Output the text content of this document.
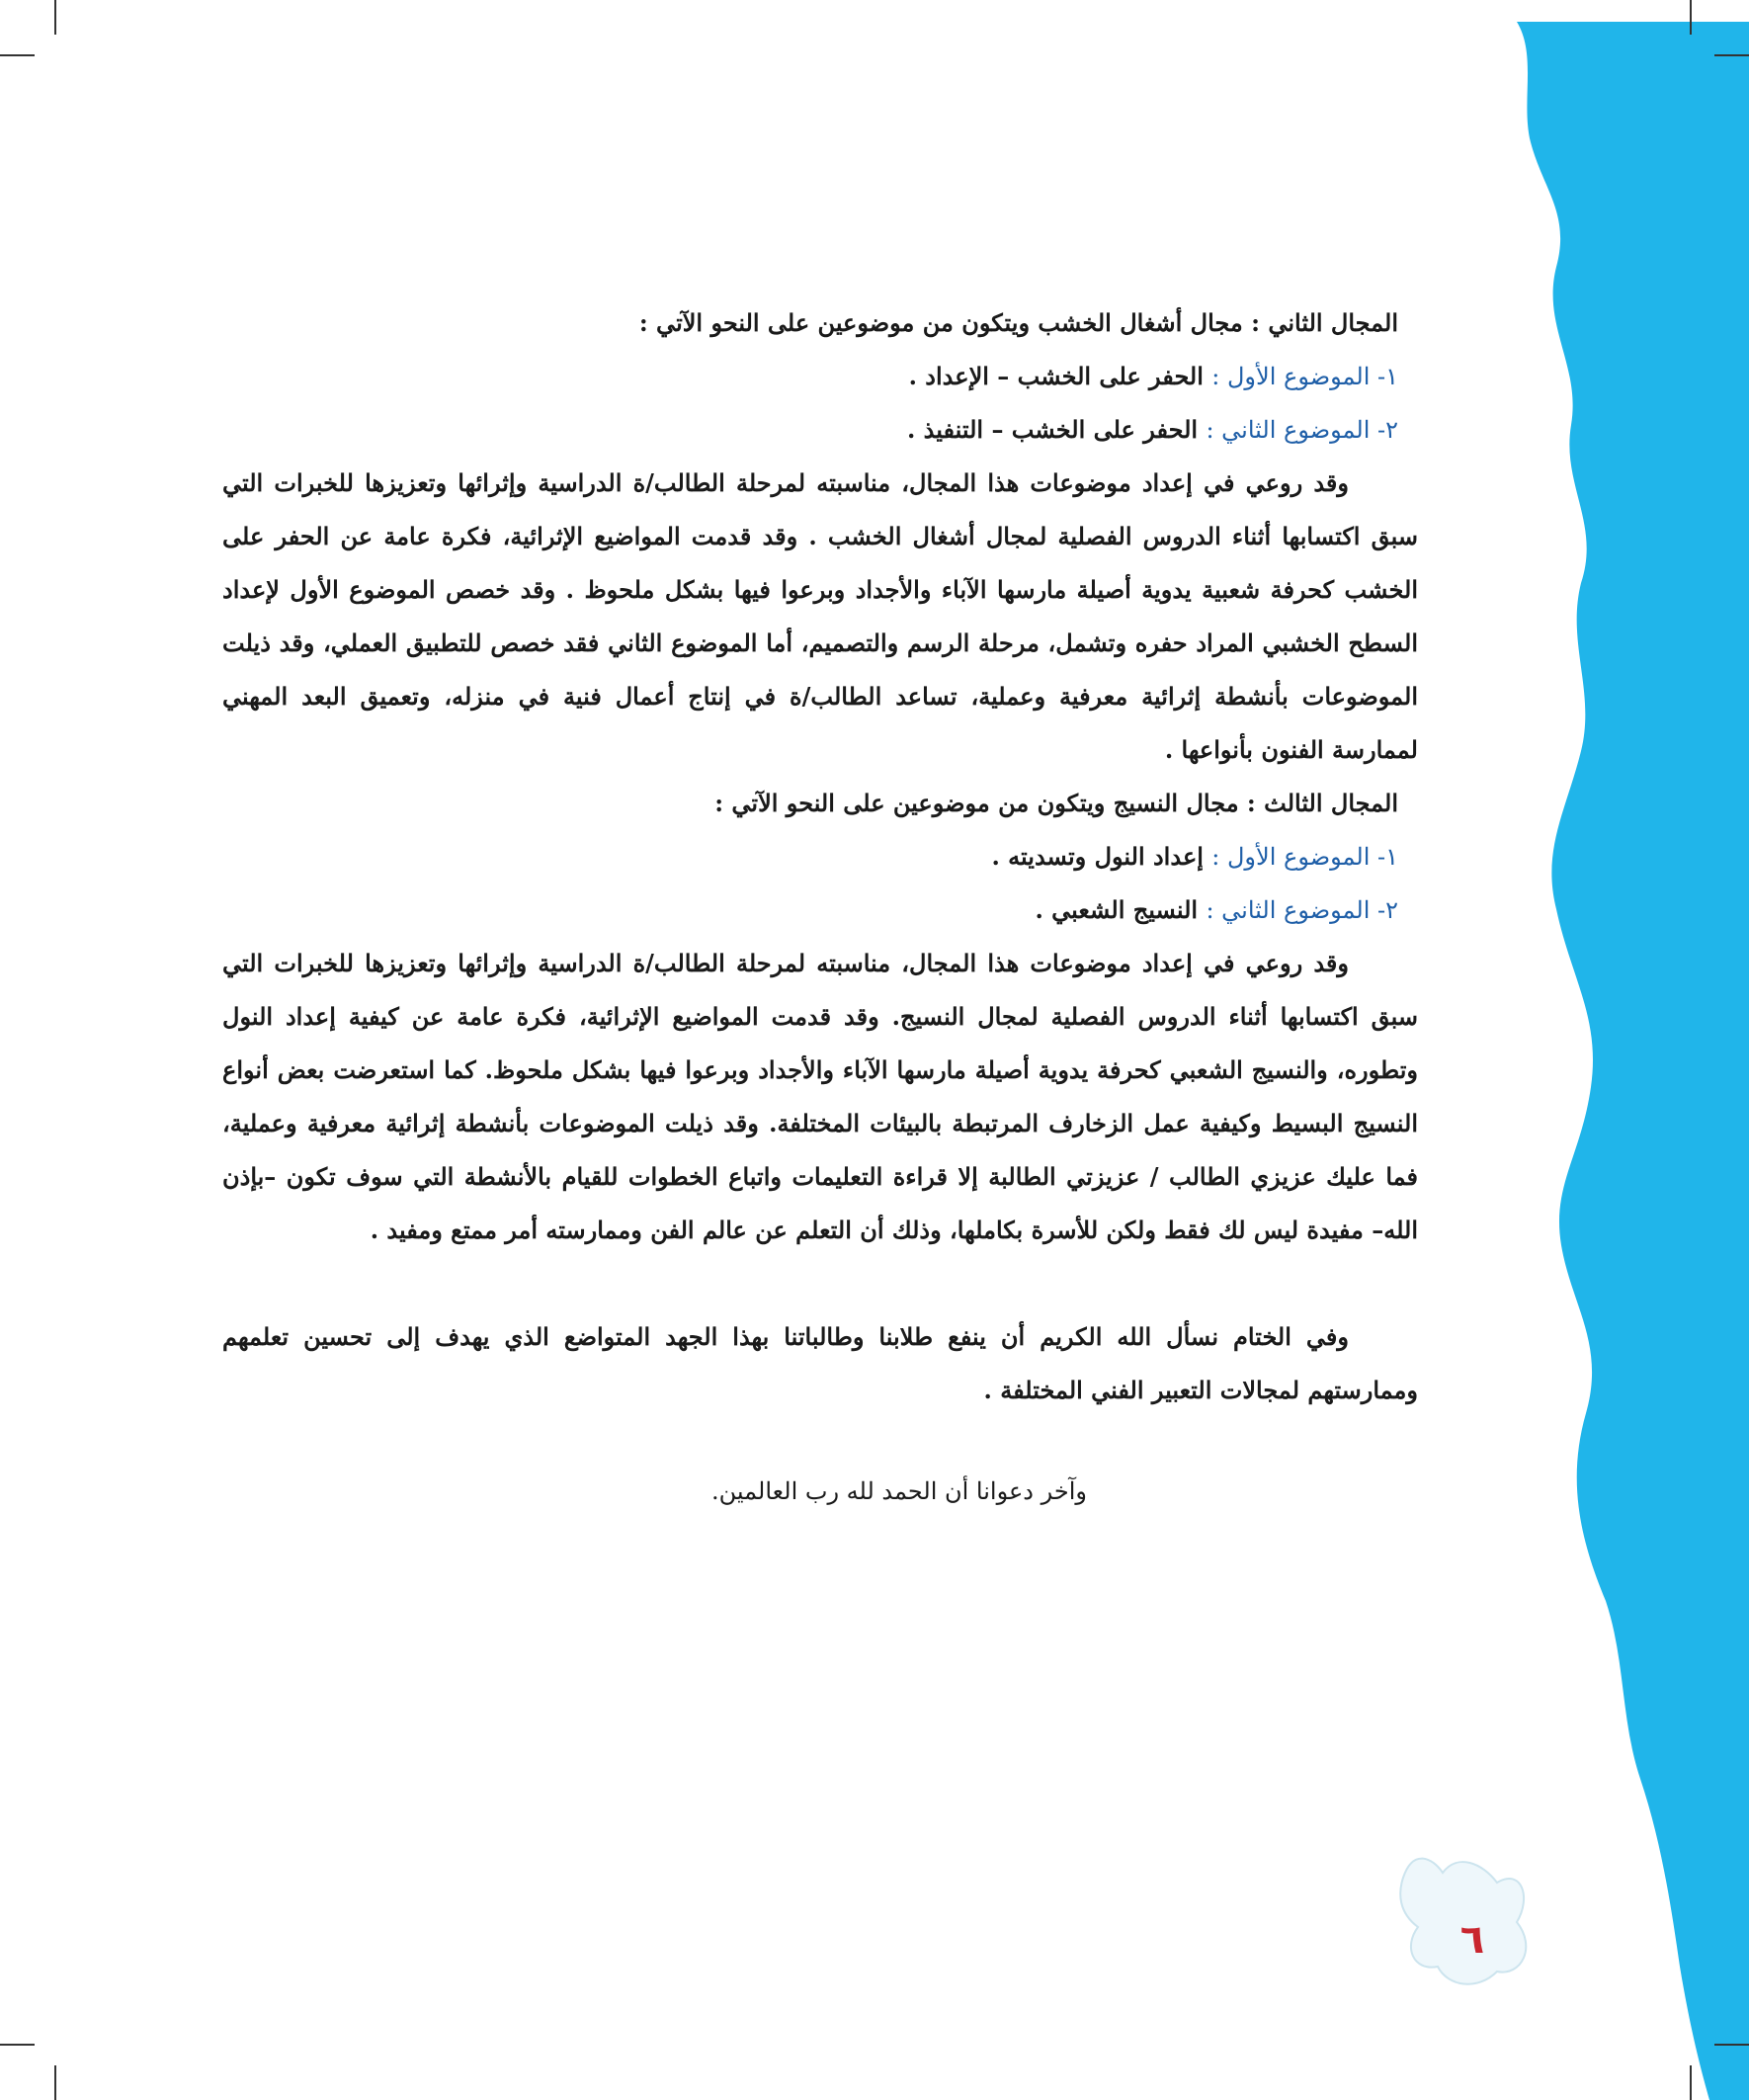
المجال الثاني : مجال أشغال الخشب ويتكون من موضوعين على النحو الآتي :

١- الموضوع الأول : الحفر على الخشب – الإعداد .

٢- الموضوع الثاني : الحفر على الخشب – التنفيذ .

وقد روعي في إعداد موضوعات هذا المجال، مناسبته لمرحلة الطالب/ة الدراسية وإثرائها وتعزيزها للخبرات التي سبق اكتسابها أثناء الدروس الفصلية لمجال أشغال الخشب . وقد قدمت المواضيع الإثرائية، فكرة عامة عن الحفر على الخشب كحرفة شعبية يدوية أصيلة مارسها الآباء والأجداد وبرعوا فيها بشكل ملحوظ . وقد خصص الموضوع الأول لإعداد السطح الخشبي المراد حفره وتشمل، مرحلة الرسم والتصميم، أما الموضوع الثاني فقد خصص للتطبيق العملي، وقد ذيلت الموضوعات بأنشطة إثرائية معرفية وعملية، تساعد الطالب/ة في إنتاج أعمال فنية في منزله، وتعميق البعد المهني لممارسة الفنون بأنواعها .

المجال الثالث : مجال النسيج ويتكون من موضوعين على النحو الآتي :

١- الموضوع الأول : إعداد النول وتسديته .

٢- الموضوع الثاني : النسيج الشعبي .

وقد روعي في إعداد موضوعات هذا المجال، مناسبته لمرحلة الطالب/ة الدراسية وإثرائها وتعزيزها للخبرات التي سبق اكتسابها أثناء الدروس الفصلية لمجال النسيج. وقد قدمت المواضيع الإثرائية، فكرة عامة عن كيفية إعداد النول وتطوره، والنسيج الشعبي كحرفة يدوية أصيلة مارسها الآباء والأجداد وبرعوا فيها بشكل ملحوظ. كما استعرضت بعض أنواع النسيج البسيط وكيفية عمل الزخارف المرتبطة بالبيئات المختلفة. وقد ذيلت الموضوعات بأنشطة إثرائية معرفية وعملية، فما عليك عزيزي الطالب / عزيزتي الطالبة إلا قراءة التعليمات واتباع الخطوات للقيام بالأنشطة التي سوف تكون –بإذن الله– مفيدة ليس لك فقط ولكن للأسرة بكاملها، وذلك أن التعلم عن عالم الفن وممارسته أمر ممتع ومفيد .

وفي الختام نسأل الله الكريم أن ينفع طلابنا وطالباتنا بهذا الجهد المتواضع الذي يهدف إلى تحسين تعلمهم وممارستهم لمجالات التعبير الفني المختلفة .

وآخر دعوانا أن الحمد لله رب العالمين.

٦
